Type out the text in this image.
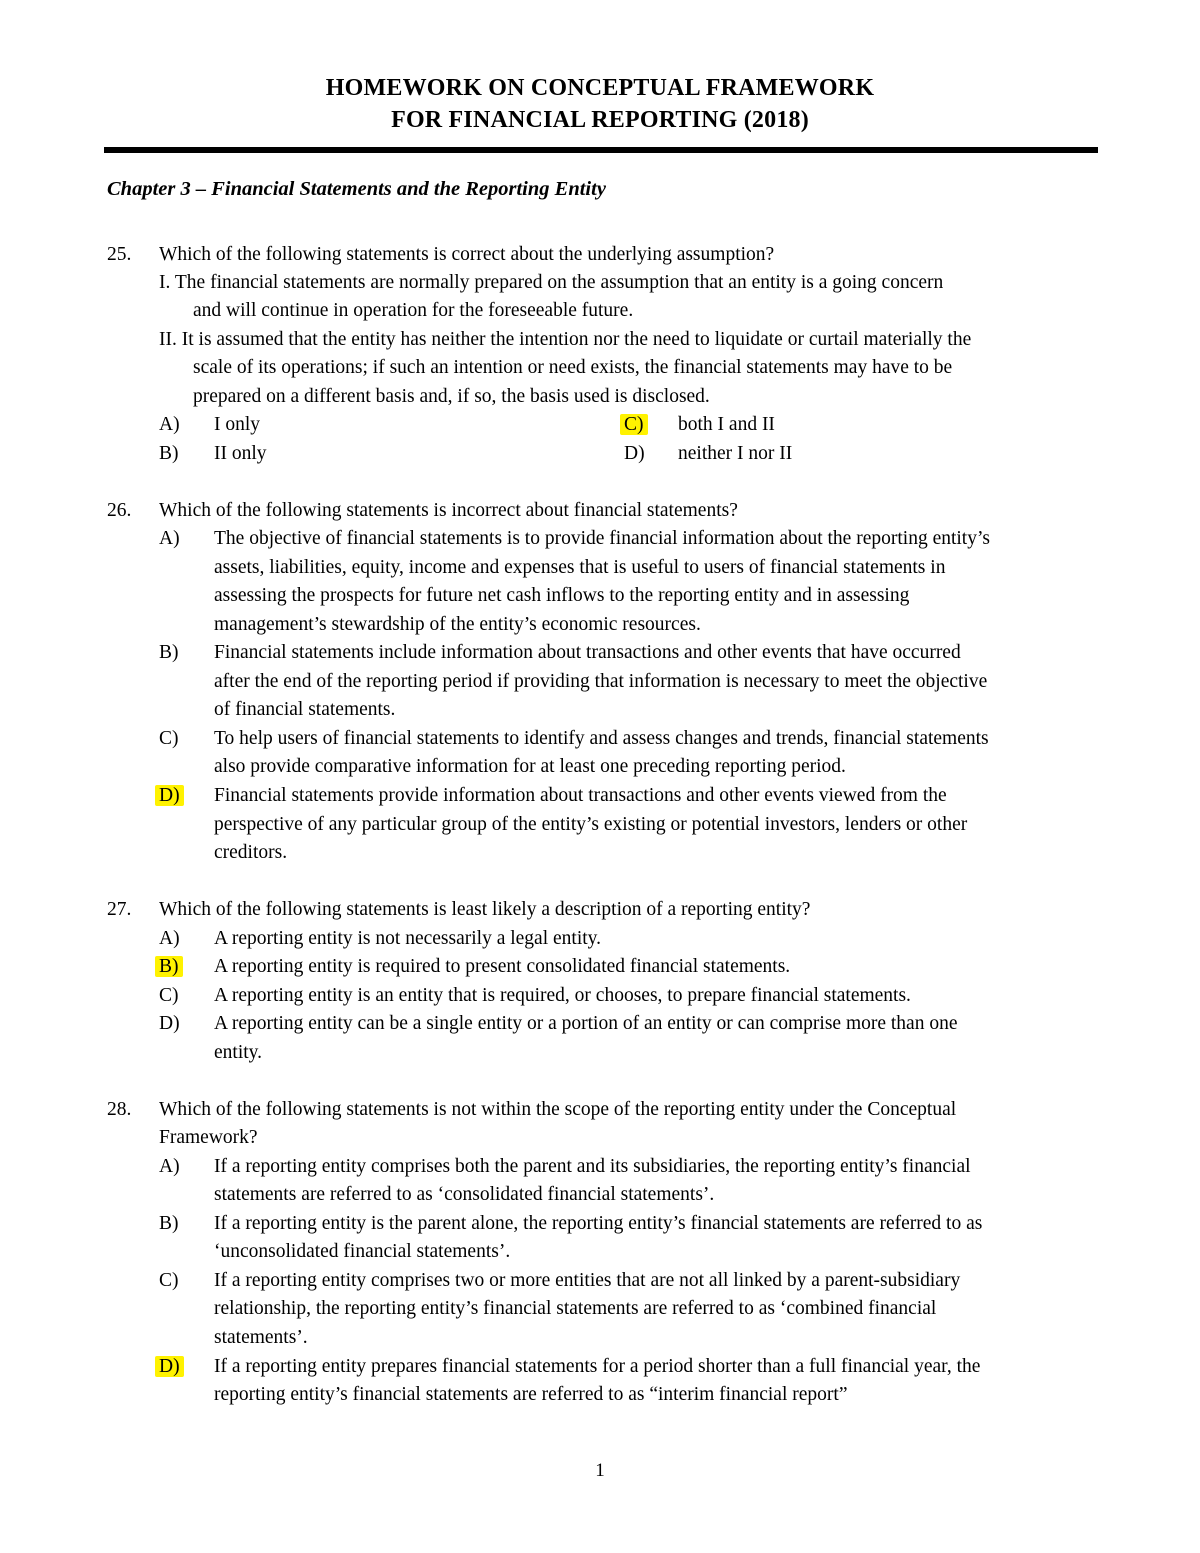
HOMEWORK ON CONCEPTUAL FRAMEWORK
FOR FINANCIAL REPORTING (2018)
Chapter 3 – Financial Statements and the Reporting Entity
25. Which of the following statements is correct about the underlying assumption?
I. The financial statements are normally prepared on the assumption that an entity is a going concern
and will continue in operation for the foreseeable future.
II. It is assumed that the entity has neither the intention nor the need to liquidate or curtail materially the
scale of its operations; if such an intention or need exists, the financial statements may have to be
prepared on a different basis and, if so, the basis used is disclosed.
A) I only	C) both I and II
B) II only	D) neither I nor II
26. Which of the following statements is incorrect about financial statements?
A) The objective of financial statements is to provide financial information about the reporting entity’s
assets, liabilities, equity, income and expenses that is useful to users of financial statements in
assessing the prospects for future net cash inflows to the reporting entity and in assessing
management’s stewardship of the entity’s economic resources.
B) Financial statements include information about transactions and other events that have occurred
after the end of the reporting period if providing that information is necessary to meet the objective
of financial statements.
C) To help users of financial statements to identify and assess changes and trends, financial statements
also provide comparative information for at least one preceding reporting period.
D) Financial statements provide information about transactions and other events viewed from the
perspective of any particular group of the entity’s existing or potential investors, lenders or other
creditors.
27. Which of the following statements is least likely a description of a reporting entity?
A) A reporting entity is not necessarily a legal entity.
B) A reporting entity is required to present consolidated financial statements.
C) A reporting entity is an entity that is required, or chooses, to prepare financial statements.
D) A reporting entity can be a single entity or a portion of an entity or can comprise more than one
entity.
28. Which of the following statements is not within the scope of the reporting entity under the Conceptual
Framework?
A) If a reporting entity comprises both the parent and its subsidiaries, the reporting entity’s financial
statements are referred to as ‘consolidated financial statements’.
B) If a reporting entity is the parent alone, the reporting entity’s financial statements are referred to as
‘unconsolidated financial statements’.
C) If a reporting entity comprises two or more entities that are not all linked by a parent-subsidiary
relationship, the reporting entity’s financial statements are referred to as ‘combined financial
statements’.
D) If a reporting entity prepares financial statements for a period shorter than a full financial year, the
reporting entity’s financial statements are referred to as “interim financial report”
1
